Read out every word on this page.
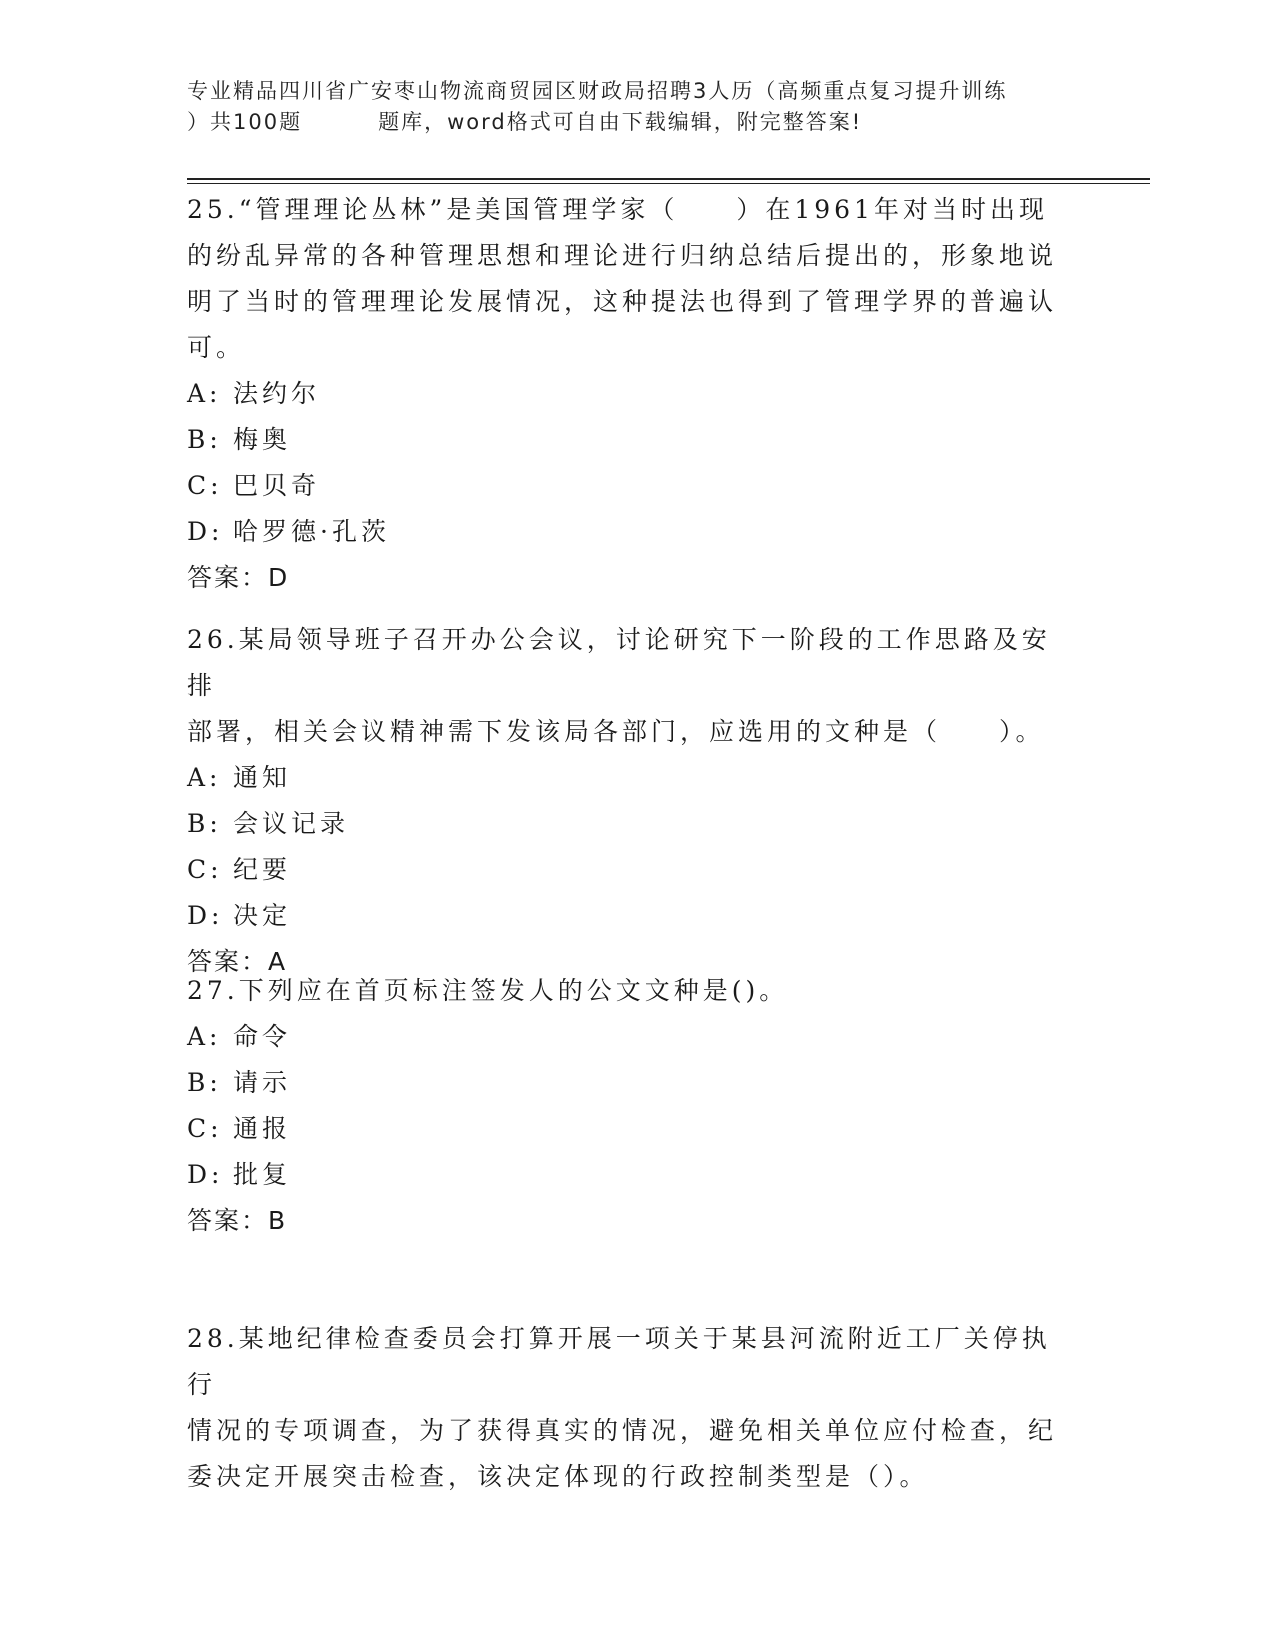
专业精品四川省广安枣山物流商贸园区财政局招聘3人历（高频重点复习提升训练
）共100题	题库，word格式可自由下载编辑，附完整答案!

25.“管理理论丛林”是美国管理学家（　　）在1961年对当时出现

的纷乱异常的各种管理思想和理论进行归纳总结后提出的，形象地说

明了当时的管理理论发展情况，这种提法也得到了管理学界的普遍认

可。

A: 法约尔
B: 梅奥
C: 巴贝奇
D: 哈罗德·孔茨

答案：D

26.某局领导班子召开办公会议，讨论研究下一阶段的工作思路及安排

部署，相关会议精神需下发该局各部门，应选用的文种是（　　）。

A: 通知
B: 会议记录
C: 纪要
D: 决定

答案：A

27.下列应在首页标注签发人的公文文种是()。

A: 命令
B: 请示
C: 通报
D: 批复

答案：B

28.某地纪律检查委员会打算开展一项关于某县河流附近工厂关停执行

情况的专项调查，为了获得真实的情况，避免相关单位应付检查，纪

委决定开展突击检查，该决定体现的行政控制类型是（）。
